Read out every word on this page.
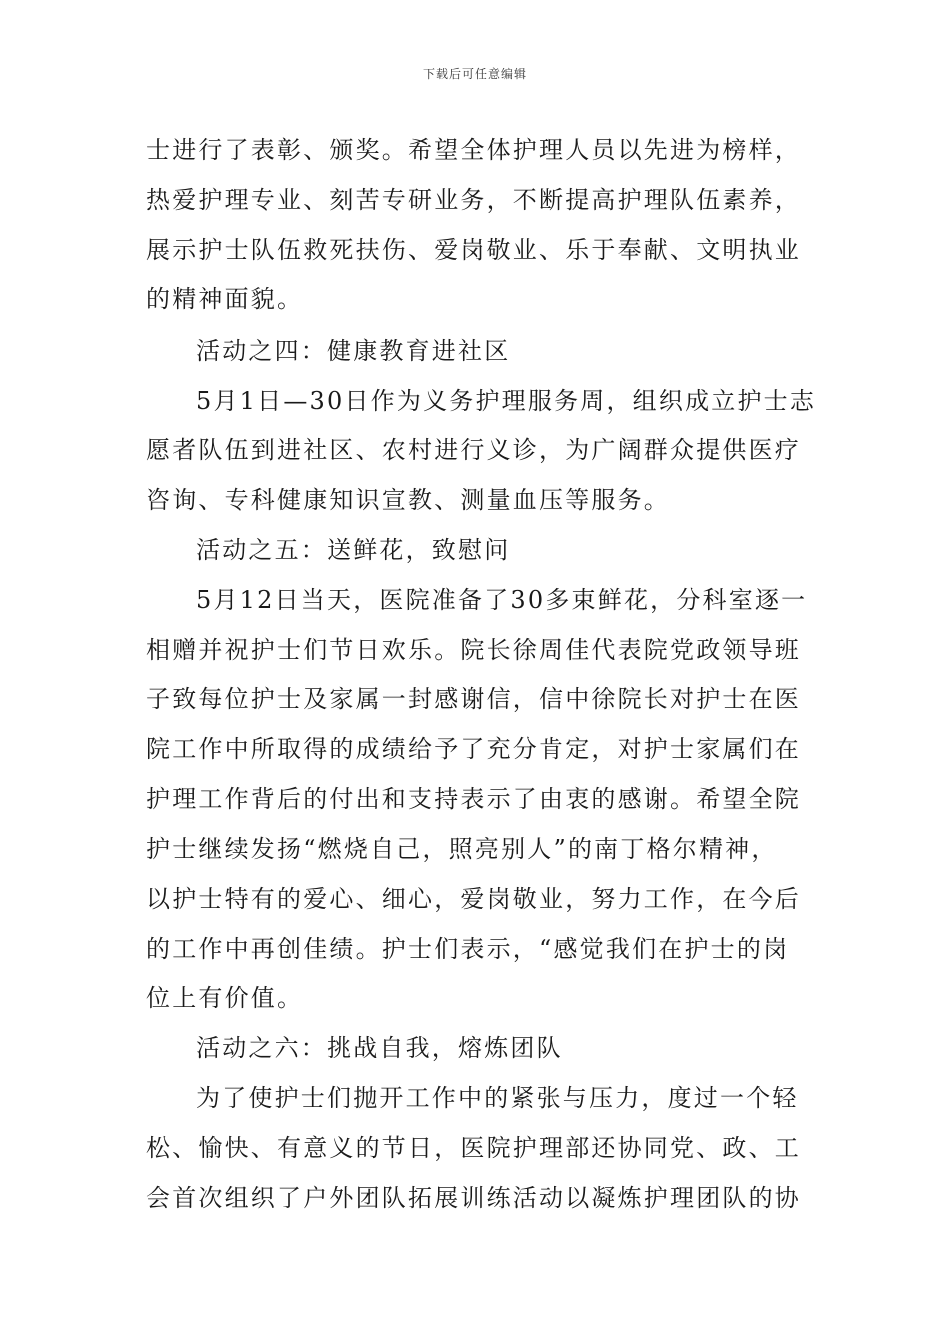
下载后可任意编辑
士进行了表彰、颁奖。希望全体护理人员以先进为榜样，
热爱护理专业、刻苦专研业务，不断提高护理队伍素养，
展示护士队伍救死扶伤、爱岗敬业、乐于奉献、文明执业
的精神面貌。
活动之四：健康教育进社区
5月1日—30日作为义务护理服务周，组织成立护士志
愿者队伍到进社区、农村进行义诊，为广阔群众提供医疗
咨询、专科健康知识宣教、测量血压等服务。
活动之五：送鲜花，致慰问
5月12日当天，医院准备了30多束鲜花，分科室逐一
相赠并祝护士们节日欢乐。院长徐周佳代表院党政领导班
子致每位护士及家属一封感谢信，信中徐院长对护士在医
院工作中所取得的成绩给予了充分肯定，对护士家属们在
护理工作背后的付出和支持表示了由衷的感谢。希望全院
护士继续发扬“燃烧自己，照亮别人”的南丁格尔精神，
以护士特有的爱心、细心，爱岗敬业，努力工作，在今后
的工作中再创佳绩。护士们表示，“感觉我们在护士的岗
位上有价值。
活动之六：挑战自我，熔炼团队
为了使护士们抛开工作中的紧张与压力，度过一个轻
松、愉快、有意义的节日，医院护理部还协同党、政、工
会首次组织了户外团队拓展训练活动以凝炼护理团队的协
